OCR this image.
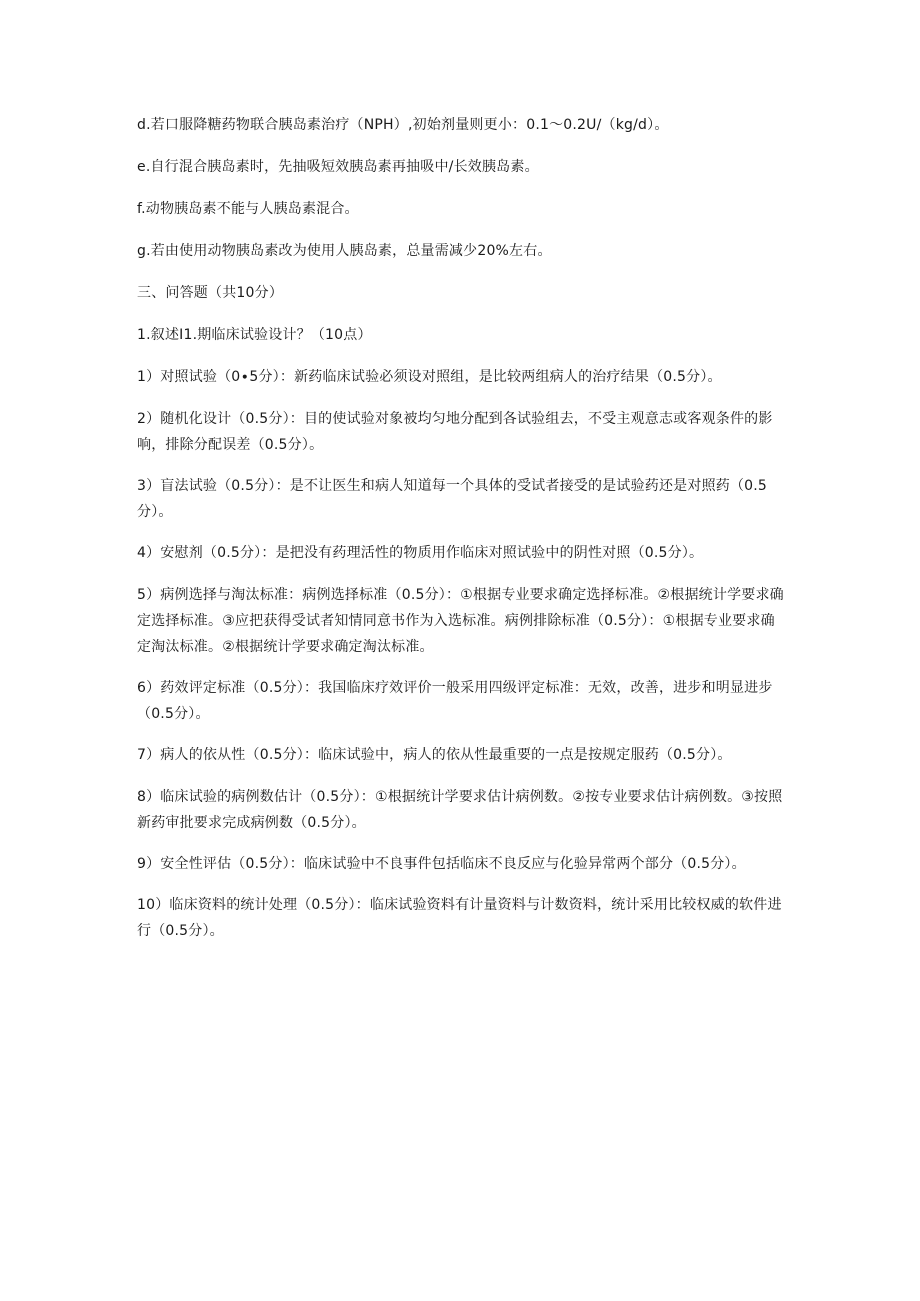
d.若口服降糖药物联合胰岛素治疗（NPH）,初始剂量则更小：0.1～0.2U∕（kg/d）。

e.自行混合胰岛素时，先抽吸短效胰岛素再抽吸中/长效胰岛素。

f.动物胰岛素不能与人胰岛素混合。

g.若由使用动物胰岛素改为使用人胰岛素，总量需减少20%左右。

三、问答题（共10分）

1.叙述I1.期临床试验设计？（10点）

1）对照试验（0∙5分）：新药临床试验必须设对照组，是比较两组病人的治疗结果（0.5分）。

2）随机化设计（0.5分）：目的使试验对象被均匀地分配到各试验组去，不受主观意志或客观条件的影响，排除分配误差（0.5分）。

3）盲法试验（0.5分）：是不让医生和病人知道每一个具体的受试者接受的是试验药还是对照药（0.5分）。

4）安慰剂（0.5分）：是把没有药理活性的物质用作临床对照试验中的阴性对照（0.5分）。

5）病例选择与淘汰标准：病例选择标准（0.5分）：①根据专业要求确定选择标准。②根据统计学要求确定选择标准。③应把获得受试者知情同意书作为入选标准。病例排除标准（0.5分）：①根据专业要求确定淘汰标准。②根据统计学要求确定淘汰标准。

6）药效评定标准（0.5分）：我国临床疗效评价一般采用四级评定标准：无效，改善，进步和明显进步（0.5分）。

7）病人的依从性（0.5分）：临床试验中，病人的依从性最重要的一点是按规定服药（0.5分）。

8）临床试验的病例数估计（0.5分）：①根据统计学要求估计病例数。②按专业要求估计病例数。③按照新药审批要求完成病例数（0.5分）。

9）安全性评估（0.5分）：临床试验中不良事件包括临床不良反应与化验异常两个部分（0.5分）。

10）临床资料的统计处理（0.5分）：临床试验资料有计量资料与计数资料，统计采用比较权威的软件进行（0.5分）。
